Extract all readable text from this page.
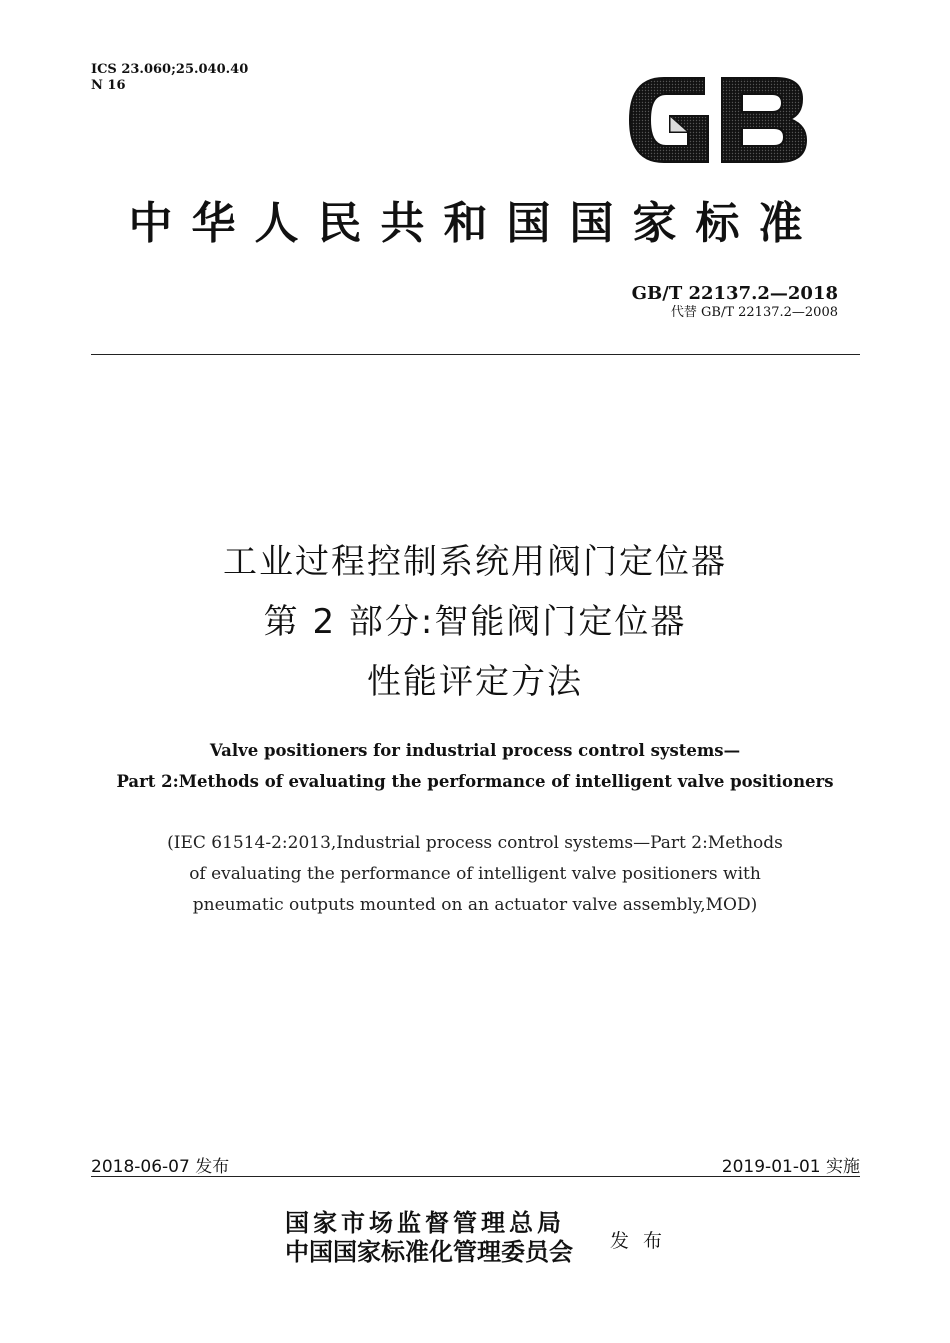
ICS 23.060;25.040.40
N 16
中华人民共和国国家标准
GB/T 22137.2—2018
代替 GB/T 22137.2—2008
工业过程控制系统用阀门定位器
第 2 部分:智能阀门定位器
性能评定方法
Valve positioners for industrial process control systems—
Part 2:Methods of evaluating the performance of intelligent valve positioners
(IEC 61514-2:2013,Industrial process control systems—Part 2:Methods
of evaluating the performance of intelligent valve positioners with
pneumatic outputs mounted on an actuator valve assembly,MOD)
2018-06-07 发布	2019-01-01 实施
国家市场监督管理总局
中国国家标准化管理委员会 发布
